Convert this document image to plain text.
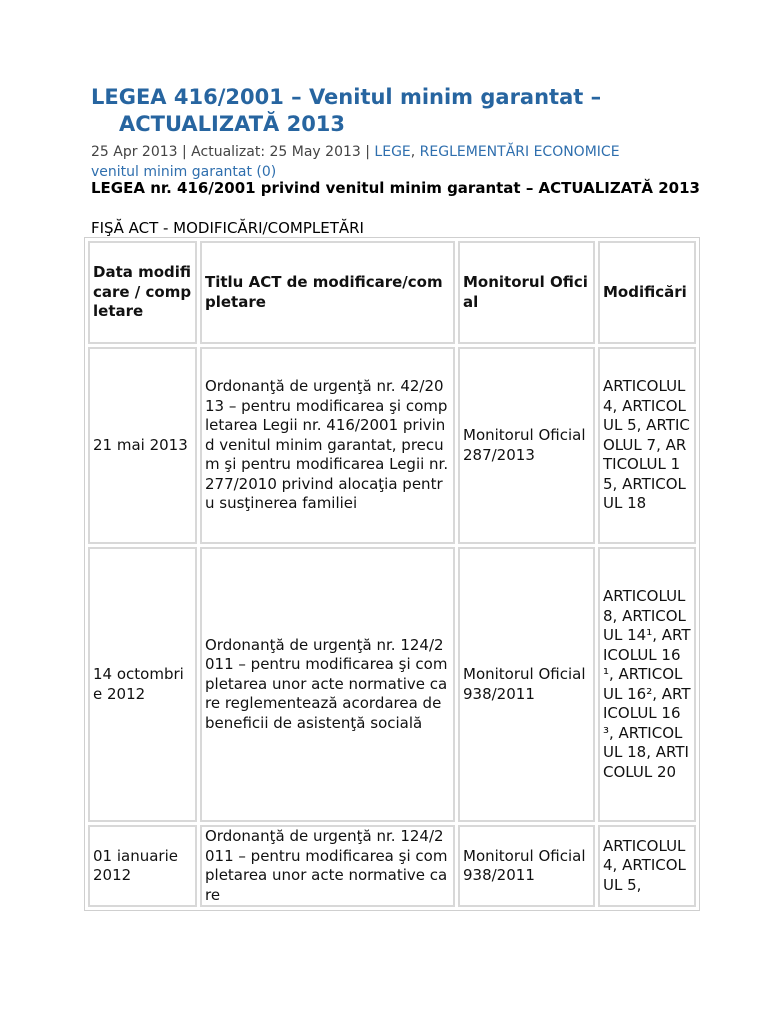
LEGEA 416/2001 – Venitul minim garantat –
ACTUALIZATĂ 2013
25 Apr 2013 | Actualizat: 25 May 2013 | LEGE, REGLEMENTĂRI ECONOMICE
venitul minim garantat (0)
LEGEA nr. 416/2001 privind venitul minim garantat – ACTUALIZATĂ 2013
FIŞĂ ACT - MODIFICĂRI/COMPLETĂRI
Data modificare / completare	Titlu ACT de modificare/completare	Monitorul Oficial	Modificări
21 mai 2013	Ordonanţă de urgenţă nr. 42/2013 – pentru modificarea şi completarea Legii nr. 416/2001 privind venitul minim garantat, precum şi pentru modificarea Legii nr. 277/2010 privind alocaţia pentru susţinerea familiei	Monitorul Oficial 287/2013	ARTICOLUL 4, ARTICOLUL 5, ARTICOLUL 7, ARTICOLUL 15, ARTICOLUL 18
14 octombrie 2012	Ordonanţă de urgenţă nr. 124/2011 – pentru modificarea şi completarea unor acte normative care reglementează acordarea de beneficii de asistenţă socială	Monitorul Oficial 938/2011	ARTICOLUL 8, ARTICOLUL 14¹, ARTICOLUL 16¹, ARTICOLUL 16², ARTICOLUL 16³, ARTICOLUL 18, ARTICOLUL 20
01 ianuarie 2012	Ordonanţă de urgenţă nr. 124/2011 – pentru modificarea şi completarea unor acte normative care	Monitorul Oficial 938/2011	ARTICOLUL 4, ARTICOLUL 5,
